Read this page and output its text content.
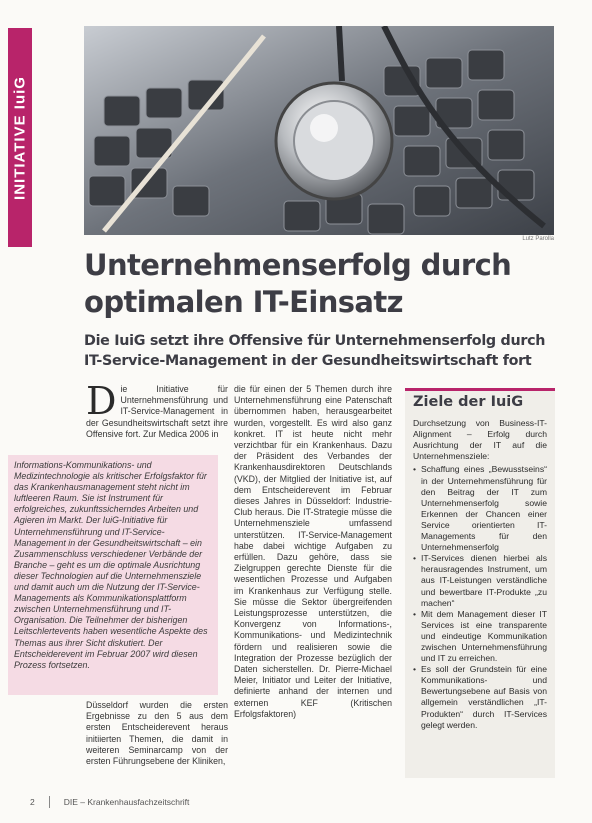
INITIATIVE IuiG
Lutz Parolla
Unternehmenserfolg durch optimalen IT-Einsatz
Die IuiG setzt ihre Offensive für Unternehmenserfolg durch IT-Service-Management in der Gesundheitswirtschaft fort
D ie Initiative für Unternehmensführung und IT-Service-Management in der Gesundheitswirtschaft setzt ihre Offensive fort. Zur Medica 2006 in
Informations-Kommunikations- und Medizintechnologie als kritischer Erfolgsfaktor für das Krankenhausmanagement steht nicht im luftleeren Raum. Sie ist Instrument für erfolgreiches, zukunftssicherndes Arbeiten und Agieren im Markt. Der IuiG-Initiative für Unternehmensführung und IT-Service-Management in der Gesundheitswirtschaft – ein Zusammenschluss verschiedener Verbände der Branche – geht es um die optimale Ausrichtung dieser Technologien auf die Unternehmensziele und damit auch um die Nutzung der IT-Service-Managements als Kommunikationsplattform zwischen Unternehmensführung und IT-Organisation. Die Teilnehmer der bisherigen Leitschlertevents haben wesentliche Aspekte des Themas aus ihrer Sicht diskutiert. Der Entscheiderevent im Februar 2007 wird diesen Prozess fortsetzen.
Düsseldorf wurden die ersten Ergebnisse zu den 5 aus dem ersten Entscheiderevent heraus initiierten Themen, die damit in weiteren Seminarcamp von der ersten Führungsebene der Kliniken,
die für einen der 5 Themen durch ihre Unternehmensführung eine Patenschaft übernommen haben, herausgearbeitet wurden, vorgestellt. Es wird also ganz konkret. IT ist heute nicht mehr verzichtbar für ein Krankenhaus. Dazu der Präsident des Verbandes der Krankenhausdirektoren Deutschlands (VKD), der Mitglied der Initiative ist, auf dem Entscheiderevent im Februar dieses Jahres in Düsseldorf: Industrie-Club heraus. Die IT-Strategie müsse die Unternehmensziele umfassend unterstützen. IT-Service-Management habe dabei wichtige Aufgaben zu erfüllen. Dazu gehöre, dass sie Zielgruppen gerechte Dienste für die wesentlichen Prozesse und Aufgaben im Krankenhaus zur Verfügung stelle. Sie müsse die Sektor übergreifenden Leistungsprozesse unterstützen, die Konvergenz von Informations-, Kommunikations- und Medizintechnik fördern und realisieren sowie die Integration der Prozesse bezüglich der Daten sicherstellen. Dr. Pierre-Michael Meier, Initiator und Leiter der Initiative, definierte anhand der internen und externen KEF (Kritischen Erfolgsfaktoren)
Ziele der IuiG

Durchsetzung von Business-IT-Alignment – Erfolg durch Ausrichtung der IT auf die Unternehmensziele:

• Schaffung eines „Bewusstseins“ in der Unternehmensführung für den Beitrag der IT zum Unternehmenserfolg sowie Erkennen der Chancen einer Service orientierten IT-Managements für den Unternehmenserfolg
• IT-Services dienen hierbei als herausragendes Instrument, um aus IT-Leistungen verständliche und bewertbare IT-Produkte „zu machen“
• Mit dem Management dieser IT Services ist eine transparente und eindeutige Kommunikation zwischen Unternehmensführung und IT zu erreichen.
• Es soll der Grundstein für eine Kommunikations- und Bewertungsebene auf Basis von allgemein verständlichen „IT-Produkten“ durch IT-Services gelegt werden.
2	DIE – Krankenhausfachzeitschrift
